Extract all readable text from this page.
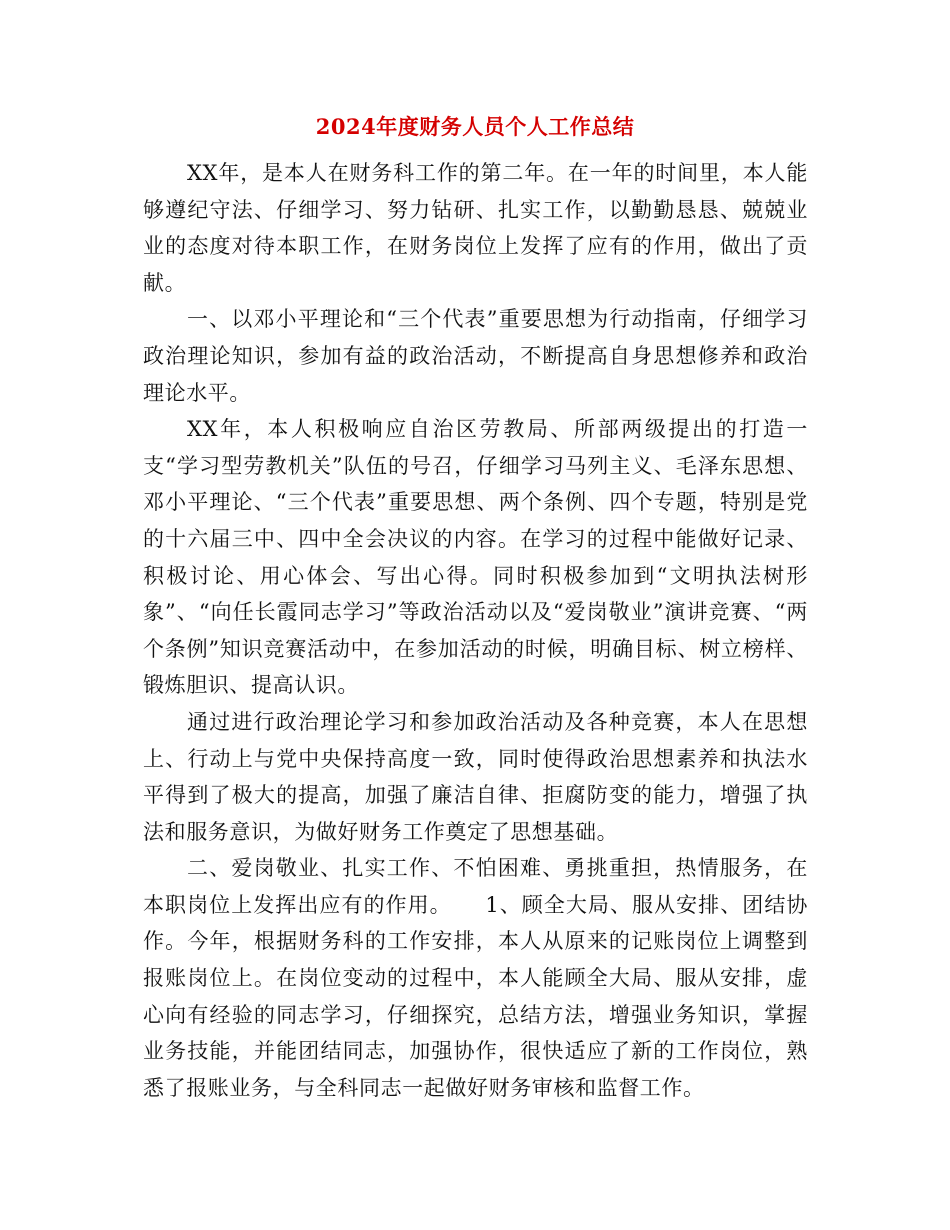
2024年度财务人员个人工作总结

XX年，是本人在财务科工作的第二年。在一年的时间里，本人能够遵纪守法、仔细学习、努力钻研、扎实工作，以勤勤恳恳、兢兢业业的态度对待本职工作，在财务岗位上发挥了应有的作用，做出了贡献。

一、以邓小平理论和“三个代表”重要思想为行动指南，仔细学习政治理论知识，参加有益的政治活动，不断提高自身思想修养和政治理论水平。

XX年，本人积极响应自治区劳教局、所部两级提出的打造一支“学习型劳教机关”队伍的号召，仔细学习马列主义、毛泽东思想、邓小平理论、“三个代表”重要思想、两个条例、四个专题，特别是党的十六届三中、四中全会决议的内容。在学习的过程中能做好记录、积极讨论、用心体会、写出心得。同时积极参加到“文明执法树形象”、“向任长霞同志学习”等政治活动以及“爱岗敬业”演讲竞赛、“两个条例”知识竞赛活动中，在参加活动的时候，明确目标、树立榜样、锻炼胆识、提高认识。

通过进行政治理论学习和参加政治活动及各种竞赛，本人在思想上、行动上与党中央保持高度一致，同时使得政治思想素养和执法水平得到了极大的提高，加强了廉洁自律、拒腐防变的能力，增强了执法和服务意识，为做好财务工作奠定了思想基础。

二、爱岗敬业、扎实工作、不怕困难、勇挑重担，热情服务，在本职岗位上发挥出应有的作用。　　1、顾全大局、服从安排、团结协作。今年，根据财务科的工作安排，本人从原来的记账岗位上调整到报账岗位上。在岗位变动的过程中，本人能顾全大局、服从安排，虚心向有经验的同志学习，仔细探究，总结方法，增强业务知识，掌握业务技能，并能团结同志，加强协作，很快适应了新的工作岗位，熟悉了报账业务，与全科同志一起做好财务审核和监督工作。
